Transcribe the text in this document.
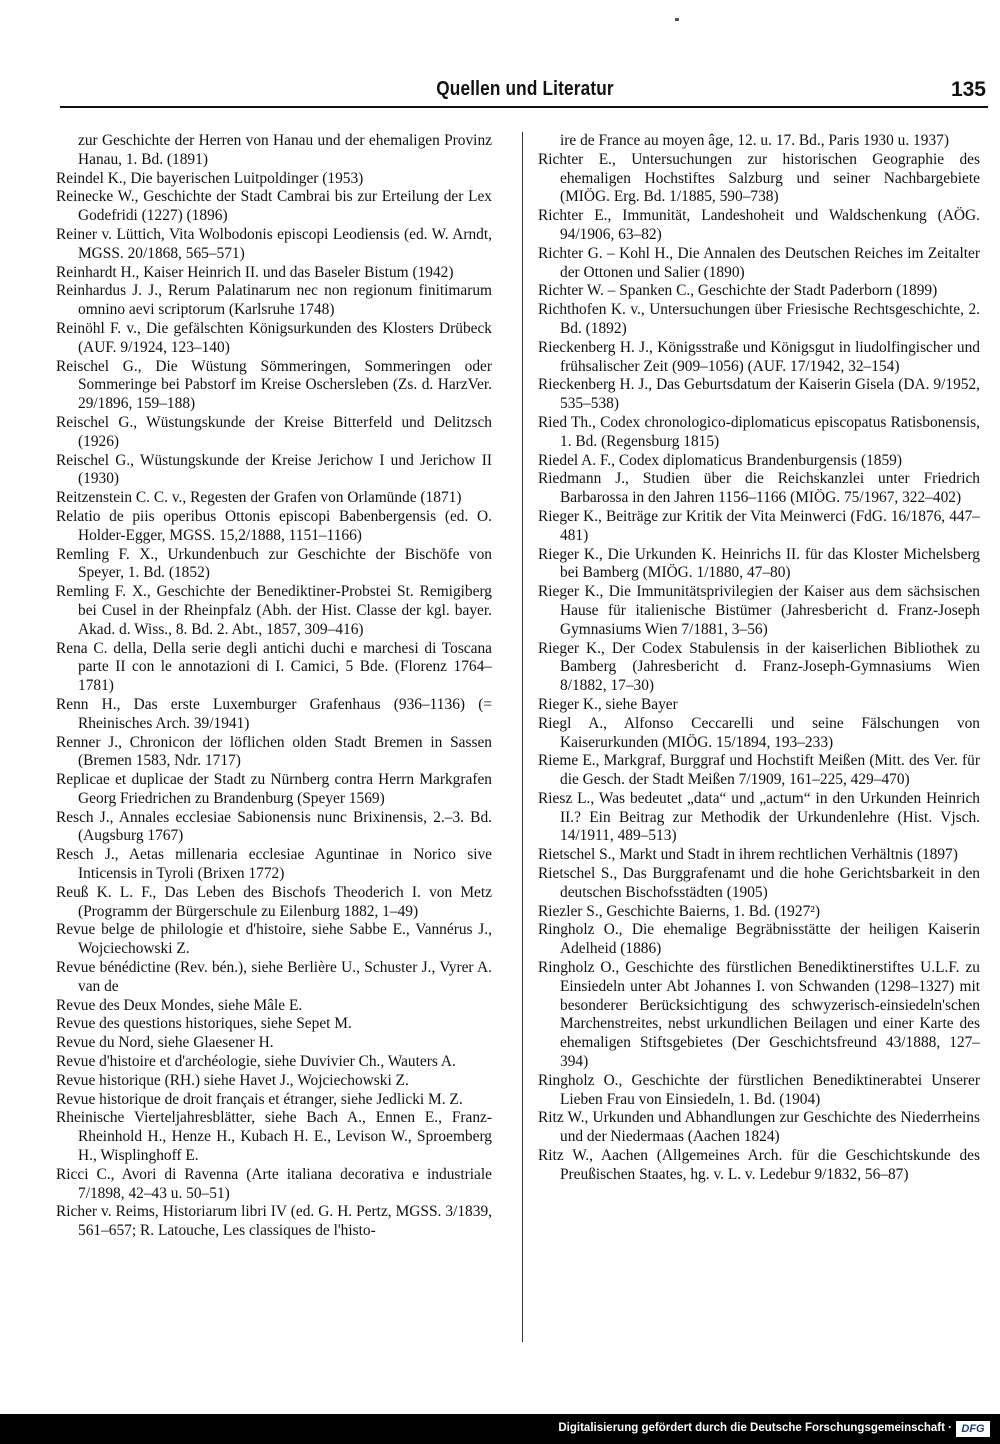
Quellen und Literatur	135

zur Geschichte der Herren von Hanau und der ehemaligen Provinz Hanau, 1. Bd. (1891)

Reindel K., Die bayerischen Luitpoldinger (1953)

Reinecke W., Geschichte der Stadt Cambrai bis zur Erteilung der Lex Godefridi (1227) (1896)

Reiner v. Lüttich, Vita Wolbodonis episcopi Leodiensis (ed. W. Arndt, MGSS. 20/1868, 565–571)

Reinhardt H., Kaiser Heinrich II. und das Baseler Bistum (1942)

Reinhardus J. J., Rerum Palatinarum nec non regionum finitimarum omnino aevi scriptorum (Karlsruhe 1748)

Reinöhl F. v., Die gefälschten Königsurkunden des Klosters Drübeck (AUF. 9/1924, 123–140)

Reischel G., Die Wüstung Sömmeringen, Sommeringen oder Sommeringe bei Pabstorf im Kreise Oschersleben (Zs. d. HarzVer. 29/1896, 159–188)

Reischel G., Wüstungskunde der Kreise Bitterfeld und Delitzsch (1926)

Reischel G., Wüstungskunde der Kreise Jerichow I und Jerichow II (1930)

Reitzenstein C. C. v., Regesten der Grafen von Orlamünde (1871)

Relatio de piis operibus Ottonis episcopi Babenbergensis (ed. O. Holder-Egger, MGSS. 15,2/1888, 1151–1166)

Remling F. X., Urkundenbuch zur Geschichte der Bischöfe von Speyer, 1. Bd. (1852)

Remling F. X., Geschichte der Benediktiner-Probstei St. Remigiberg bei Cusel in der Rheinpfalz (Abh. der Hist. Classe der kgl. bayer. Akad. d. Wiss., 8. Bd. 2. Abt., 1857, 309–416)

Rena C. della, Della serie degli antichi duchi e marchesi di Toscana parte II con le annotazioni di I. Camici, 5 Bde. (Florenz 1764–1781)

Renn H., Das erste Luxemburger Grafenhaus (936–1136) (= Rheinisches Arch. 39/1941)

Renner J., Chronicon der löflichen olden Stadt Bremen in Sassen (Bremen 1583, Ndr. 1717)

Replicae et duplicae der Stadt zu Nürnberg contra Herrn Markgrafen Georg Friedrichen zu Brandenburg (Speyer 1569)

Resch J., Annales ecclesiae Sabionensis nunc Brixinensis, 2.–3. Bd. (Augsburg 1767)

Resch J., Aetas millenaria ecclesiae Aguntinae in Norico sive Inticensis in Tyroli (Brixen 1772)

Reuß K. L. F., Das Leben des Bischofs Theoderich I. von Metz (Programm der Bürgerschule zu Eilenburg 1882, 1–49)

Revue belge de philologie et d'histoire, siehe Sabbe E., Vannérus J., Wojciechowski Z.

Revue bénédictine (Rev. bén.), siehe Berlière U., Schuster J., Vyrer A. van de

Revue des Deux Mondes, siehe Mâle E.

Revue des questions historiques, siehe Sepet M.

Revue du Nord, siehe Glaesener H.

Revue d'histoire et d'archéologie, siehe Duvivier Ch., Wauters A.

Revue historique (RH.) siehe Havet J., Wojciechowski Z.

Revue historique de droit français et étranger, siehe Jedlicki M. Z.

Rheinische Vierteljahresblätter, siehe Bach A., Ennen E., Franz-Rheinhold H., Henze H., Kubach H. E., Levison W., Sproemberg H., Wisplinghoff E.

Ricci C., Avori di Ravenna (Arte italiana decorativa e industriale 7/1898, 42–43 u. 50–51)

Richer v. Reims, Historiarum libri IV (ed. G. H. Pertz, MGSS. 3/1839, 561–657; R. Latouche, Les classiques de l'histo-

ire de France au moyen âge, 12. u. 17. Bd., Paris 1930 u. 1937)

Richter E., Untersuchungen zur historischen Geographie des ehemaligen Hochstiftes Salzburg und seiner Nachbargebiete (MIÖG. Erg. Bd. 1/1885, 590–738)

Richter E., Immunität, Landeshoheit und Waldschenkung (AÖG. 94/1906, 63–82)

Richter G. – Kohl H., Die Annalen des Deutschen Reiches im Zeitalter der Ottonen und Salier (1890)

Richter W. – Spanken C., Geschichte der Stadt Paderborn (1899)

Richthofen K. v., Untersuchungen über Friesische Rechtsgeschichte, 2. Bd. (1892)

Rieckenberg H. J., Königsstraße und Königsgut in liudolfingischer und frühsalischer Zeit (909–1056) (AUF. 17/1942, 32–154)

Rieckenberg H. J., Das Geburtsdatum der Kaiserin Gisela (DA. 9/1952, 535–538)

Ried Th., Codex chronologico-diplomaticus episcopatus Ratisbonensis, 1. Bd. (Regensburg 1815)

Riedel A. F., Codex diplomaticus Brandenburgensis (1859)

Riedmann J., Studien über die Reichskanzlei unter Friedrich Barbarossa in den Jahren 1156–1166 (MIÖG. 75/1967, 322–402)

Rieger K., Beiträge zur Kritik der Vita Meinwerci (FdG. 16/1876, 447–481)

Rieger K., Die Urkunden K. Heinrichs II. für das Kloster Michelsberg bei Bamberg (MIÖG. 1/1880, 47–80)

Rieger K., Die Immunitätsprivilegien der Kaiser aus dem sächsischen Hause für italienische Bistümer (Jahresbericht d. Franz-Joseph Gymnasiums Wien 7/1881, 3–56)

Rieger K., Der Codex Stabulensis in der kaiserlichen Bibliothek zu Bamberg (Jahresbericht d. Franz-Joseph-Gymnasiums Wien 8/1882, 17–30)

Rieger K., siehe Bayer

Riegl A., Alfonso Ceccarelli und seine Fälschungen von Kaiserurkunden (MIÖG. 15/1894, 193–233)

Rieme E., Markgraf, Burggraf und Hochstift Meißen (Mitt. des Ver. für die Gesch. der Stadt Meißen 7/1909, 161–225, 429–470)

Riesz L., Was bedeutet „data“ und „actum“ in den Urkunden Heinrich II.? Ein Beitrag zur Methodik der Urkundenlehre (Hist. Vjsch. 14/1911, 489–513)

Rietschel S., Markt und Stadt in ihrem rechtlichen Verhältnis (1897)

Rietschel S., Das Burggrafenamt und die hohe Gerichtsbarkeit in den deutschen Bischofsstädten (1905)

Riezler S., Geschichte Baierns, 1. Bd. (1927²)

Ringholz O., Die ehemalige Begräbnisstätte der heiligen Kaiserin Adelheid (1886)

Ringholz O., Geschichte des fürstlichen Benediktinerstiftes U.L.F. zu Einsiedeln unter Abt Johannes I. von Schwanden (1298–1327) mit besonderer Berücksichtigung des schwyzerisch-einsiedeln'schen Marchenstreites, nebst urkundlichen Beilagen und einer Karte des ehemaligen Stiftsgebietes (Der Geschichtsfreund 43/1888, 127–394)

Ringholz O., Geschichte der fürstlichen Benediktinerabtei Unserer Lieben Frau von Einsiedeln, 1. Bd. (1904)

Ritz W., Urkunden und Abhandlungen zur Geschichte des Niederrheins und der Niedermaas (Aachen 1824)

Ritz W., Aachen (Allgemeines Arch. für die Geschichtskunde des Preußischen Staates, hg. v. L. v. Ledebur 9/1832, 56–87)

Digitalisierung gefördert durch die Deutsche Forschungsgemeinschaft · DFG
